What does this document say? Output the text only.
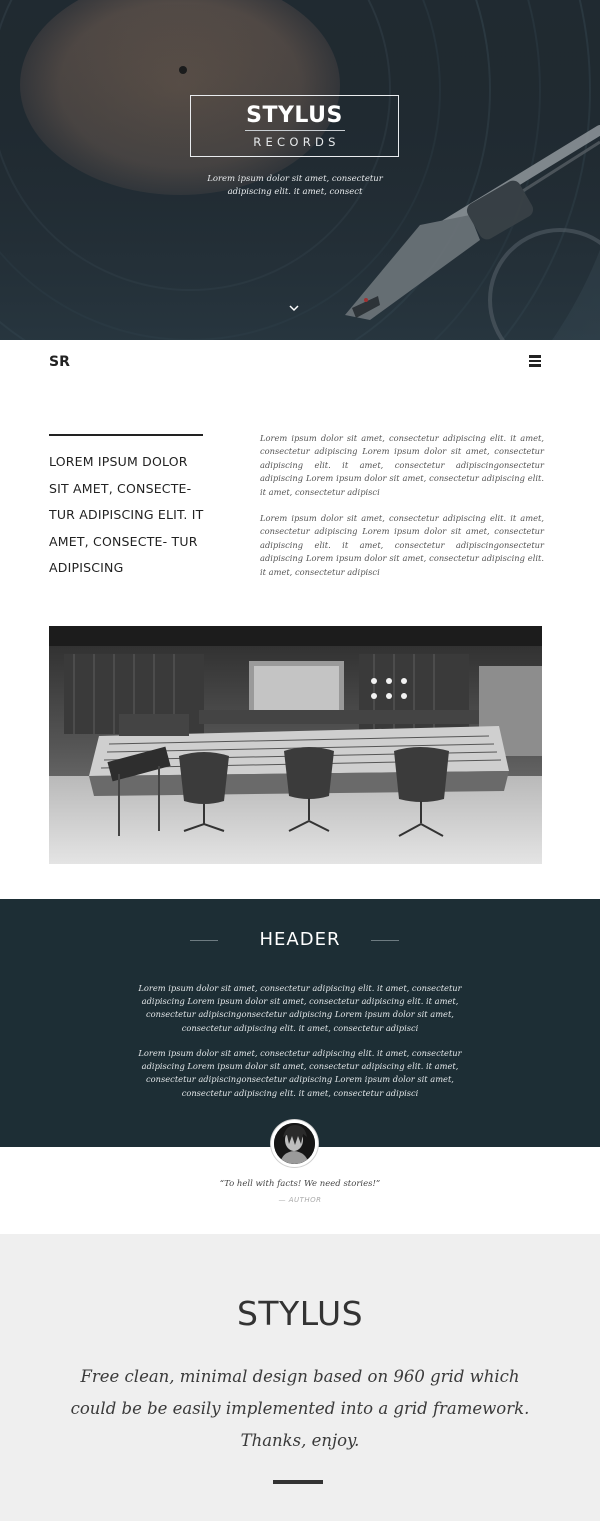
STYLUS
RECORDS
Lorem ipsum dolor sit amet, consectetur adipiscing elit. it amet, consect
SR
LOREM IPSUM DOLOR SIT AMET, CONSECTE- TUR ADIPISCING ELIT. IT AMET, CONSECTE- TUR ADIPISCING

Lorem ipsum dolor sit amet, consectetur adipiscing elit. it amet, consectetur adipiscing Lorem ipsum dolor sit amet, consectetur adipiscing elit. it amet, consectetur adipiscingonsectetur adipiscing Lorem ipsum dolor sit amet, consectetur adipiscing elit. it amet, consectetur adipisci

Lorem ipsum dolor sit amet, consectetur adipiscing elit. it amet, consectetur adipiscing Lorem ipsum dolor sit amet, consectetur adipiscing elit. it amet, consectetur adipiscingonsectetur adipiscing Lorem ipsum dolor sit amet, consectetur adipiscing elit. it amet, consectetur adipisci

HEADER

Lorem ipsum dolor sit amet, consectetur adipiscing elit. it amet, consectetur adipiscing Lorem ipsum dolor sit amet, consectetur adipiscing elit. it amet, consectetur adipiscingonsectetur adipiscing Lorem ipsum dolor sit amet, consectetur adipiscing elit. it amet, consectetur adipisci

Lorem ipsum dolor sit amet, consectetur adipiscing elit. it amet, consectetur adipiscing Lorem ipsum dolor sit amet, consectetur adipiscing elit. it amet, consectetur adipiscingonsectetur adipiscing Lorem ipsum dolor sit amet, consectetur adipiscing elit. it amet, consectetur adipisci

“To hell with facts! We need stories!”

— AUTHOR

STYLUS

Free clean, minimal design based on 960 grid which could be be easily implemented into a grid framework. Thanks, enjoy.
